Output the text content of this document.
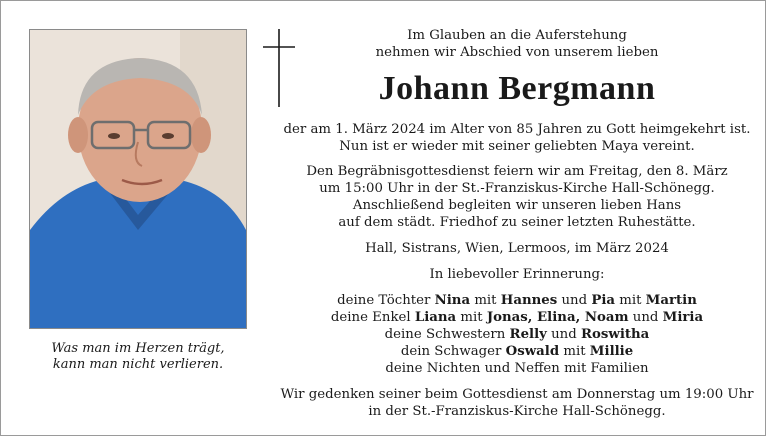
Was man im Herzen trägt,
kann man nicht verlieren.

Im Glauben an die Auferstehung

nehmen wir Abschied von unserem lieben

Johann Bergmann

der am 1. März 2024 im Alter von 85 Jahren zu Gott heimgekehrt ist.

Nun ist er wieder mit seiner geliebten Maya vereint.

Den Begräbnisgottesdienst feiern wir am Freitag, den 8. März

um 15:00 Uhr in der St.-Franziskus-Kirche Hall-Schönegg.

Anschließend begleiten wir unseren lieben Hans

auf dem städt. Friedhof zu seiner letzten Ruhestätte.

Hall, Sistrans, Wien, Lermoos, im März 2024

In liebevoller Erinnerung:

deine Töchter Nina mit Hannes und Pia mit Martin

deine Enkel Liana mit Jonas, Elina, Noam und Miria

deine Schwestern Relly und Roswitha

dein Schwager Oswald mit Millie

deine Nichten und Neffen mit Familien

Wir gedenken seiner beim Gottesdienst am Donnerstag um 19:00 Uhr

in der St.-Franziskus-Kirche Hall-Schönegg.
